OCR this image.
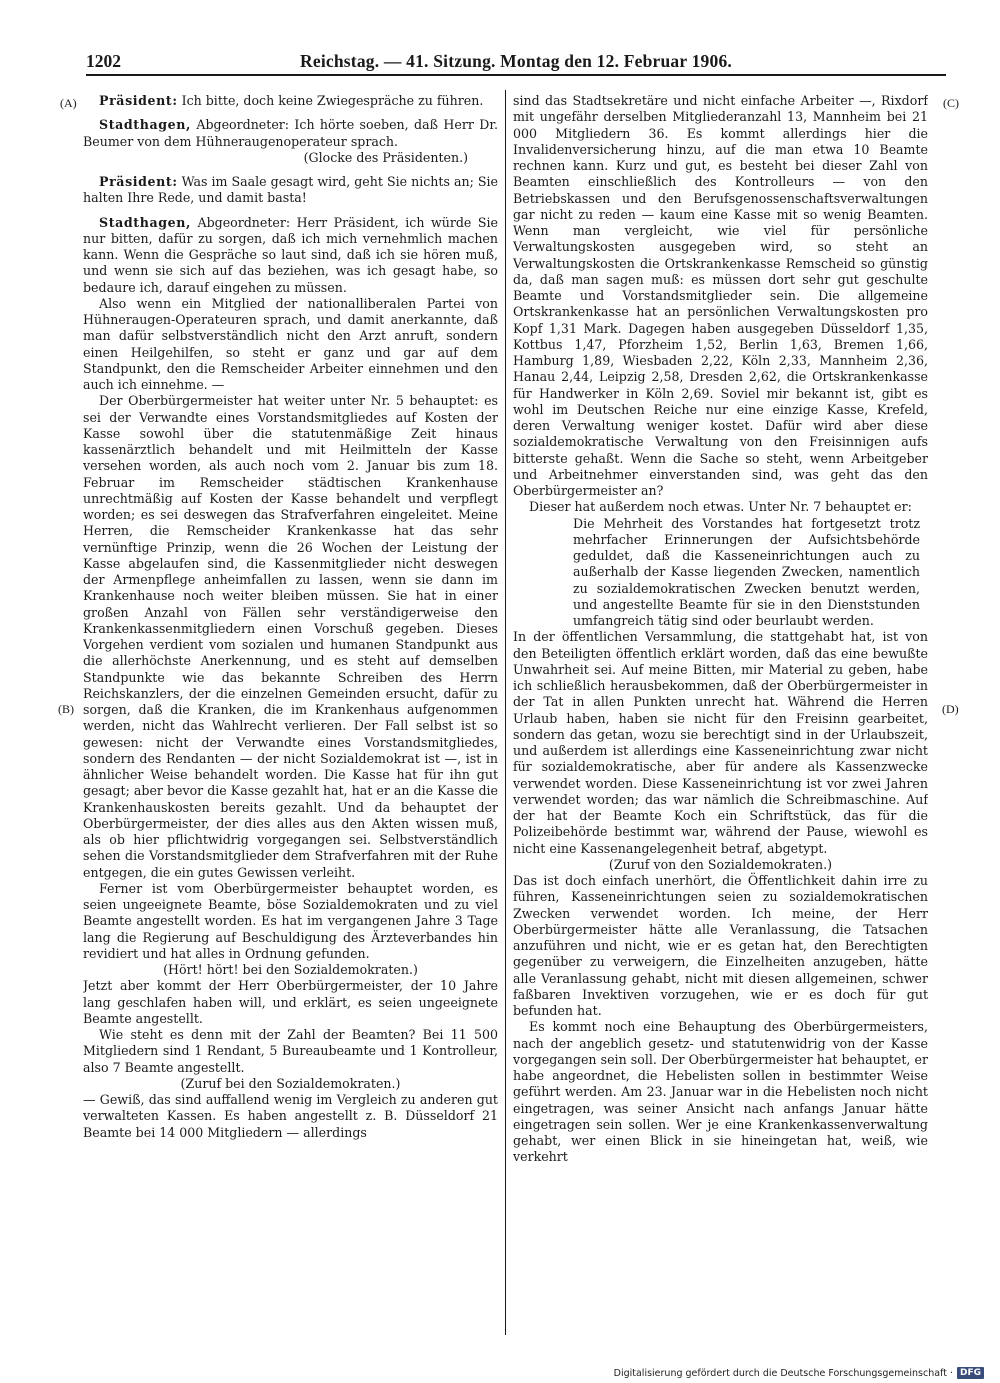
1202	Reichstag. — 41. Sitzung. Montag den 12. Februar 1906.
(A)
(B)
(C)
(D)

Präsident: Ich bitte, doch keine Zwiegespräche zu führen.

Stadthagen, Abgeordneter: Ich hörte soeben, daß Herr Dr. Beumer von dem Hühneraugenoperateur sprach.

(Glocke des Präsidenten.)

Präsident: Was im Saale gesagt wird, geht Sie nichts an; Sie halten Ihre Rede, und damit basta!

Stadthagen, Abgeordneter: Herr Präsident, ich würde Sie nur bitten, dafür zu sorgen, daß ich mich vernehmlich machen kann. Wenn die Gespräche so laut sind, daß ich sie hören muß, und wenn sie sich auf das beziehen, was ich gesagt habe, so bedaure ich, darauf eingehen zu müssen.

Also wenn ein Mitglied der nationalliberalen Partei von Hühneraugen-Operateuren sprach, und damit anerkannte, daß man dafür selbstverständlich nicht den Arzt anruft, sondern einen Heilgehilfen, so steht er ganz und gar auf dem Standpunkt, den die Remscheider Arbeiter einnehmen und den auch ich einnehme. —

Der Oberbürgermeister hat weiter unter Nr. 5 behauptet: es sei der Verwandte eines Vorstandsmitgliedes auf Kosten der Kasse sowohl über die statutenmäßige Zeit hinaus kassenärztlich behandelt und mit Heilmitteln der Kasse versehen worden, als auch noch vom 2. Januar bis zum 18. Februar im Remscheider städtischen Krankenhause unrechtmäßig auf Kosten der Kasse behandelt und verpflegt worden; es sei deswegen das Strafverfahren eingeleitet. Meine Herren, die Remscheider Krankenkasse hat das sehr vernünftige Prinzip, wenn die 26 Wochen der Leistung der Kasse abgelaufen sind, die Kassenmitglieder nicht deswegen der Armenpflege anheimfallen zu lassen, wenn sie dann im Krankenhause noch weiter bleiben müssen. Sie hat in einer großen Anzahl von Fällen sehr verständigerweise den Krankenkassenmitgliedern einen Vorschuß gegeben. Dieses Vorgehen verdient vom sozialen und humanen Standpunkt aus die allerhöchste Anerkennung, und es steht auf demselben Standpunkte wie das bekannte Schreiben des Herrn Reichskanzlers, der die einzelnen Gemeinden ersucht, dafür zu sorgen, daß die Kranken, die im Krankenhaus aufgenommen werden, nicht das Wahlrecht verlieren. Der Fall selbst ist so gewesen: nicht der Verwandte eines Vorstandsmitgliedes, sondern des Rendanten — der nicht Sozialdemokrat ist —, ist in ähnlicher Weise behandelt worden. Die Kasse hat für ihn gut gesagt; aber bevor die Kasse gezahlt hat, hat er an die Kasse die Krankenhauskosten bereits gezahlt. Und da behauptet der Oberbürgermeister, der dies alles aus den Akten wissen muß, als ob hier pflichtwidrig vorgegangen sei. Selbstverständlich sehen die Vorstandsmitglieder dem Strafverfahren mit der Ruhe entgegen, die ein gutes Gewissen verleiht.

Ferner ist vom Oberbürgermeister behauptet worden, es seien ungeeignete Beamte, böse Sozialdemokraten und zu viel Beamte angestellt worden. Es hat im vergangenen Jahre 3 Tage lang die Regierung auf Beschuldigung des Ärzteverbandes hin revidiert und hat alles in Ordnung gefunden.

(Hört! hört! bei den Sozialdemokraten.)

Jetzt aber kommt der Herr Oberbürgermeister, der 10 Jahre lang geschlafen haben will, und erklärt, es seien ungeeignete Beamte angestellt.

Wie steht es denn mit der Zahl der Beamten? Bei 11 500 Mitgliedern sind 1 Rendant, 5 Bureaubeamte und 1 Kontrolleur, also 7 Beamte angestellt.

(Zuruf bei den Sozialdemokraten.)

— Gewiß, das sind auffallend wenig im Vergleich zu anderen gut verwalteten Kassen. Es haben angestellt z. B. Düsseldorf 21 Beamte bei 14 000 Mitgliedern — allerdings

sind das Stadtsekretäre und nicht einfache Arbeiter —, Rixdorf mit ungefähr derselben Mitgliederanzahl 13, Mannheim bei 21 000 Mitgliedern 36. Es kommt allerdings hier die Invalidenversicherung hinzu, auf die man etwa 10 Beamte rechnen kann. Kurz und gut, es besteht bei dieser Zahl von Beamten einschließlich des Kontrolleurs — von den Betriebskassen und den Berufsgenossenschaftsverwaltungen gar nicht zu reden — kaum eine Kasse mit so wenig Beamten. Wenn man vergleicht, wie viel für persönliche Verwaltungskosten ausgegeben wird, so steht an Verwaltungskosten die Ortskrankenkasse Remscheid so günstig da, daß man sagen muß: es müssen dort sehr gut geschulte Beamte und Vorstandsmitglieder sein. Die allgemeine Ortskrankenkasse hat an persönlichen Verwaltungskosten pro Kopf 1,31 Mark. Dagegen haben ausgegeben Düsseldorf 1,35, Kottbus 1,47, Pforzheim 1,52, Berlin 1,63, Bremen 1,66, Hamburg 1,89, Wiesbaden 2,22, Köln 2,33, Mannheim 2,36, Hanau 2,44, Leipzig 2,58, Dresden 2,62, die Ortskrankenkasse für Handwerker in Köln 2,69. Soviel mir bekannt ist, gibt es wohl im Deutschen Reiche nur eine einzige Kasse, Krefeld, deren Verwaltung weniger kostet. Dafür wird aber diese sozialdemokratische Verwaltung von den Freisinnigen aufs bitterste gehaßt. Wenn die Sache so steht, wenn Arbeitgeber und Arbeitnehmer einverstanden sind, was geht das den Oberbürgermeister an?

Dieser hat außerdem noch etwas. Unter Nr. 7 behauptet er:

Die Mehrheit des Vorstandes hat fortgesetzt trotz mehrfacher Erinnerungen der Aufsichtsbehörde geduldet, daß die Kasseneinrichtungen auch zu außerhalb der Kasse liegenden Zwecken, namentlich zu sozialdemokratischen Zwecken benutzt werden, und angestellte Beamte für sie in den Dienststunden umfangreich tätig sind oder beurlaubt werden.

In der öffentlichen Versammlung, die stattgehabt hat, ist von den Beteiligten öffentlich erklärt worden, daß das eine bewußte Unwahrheit sei. Auf meine Bitten, mir Material zu geben, habe ich schließlich herausbekommen, daß der Oberbürgermeister in der Tat in allen Punkten unrecht hat. Während die Herren Urlaub haben, haben sie nicht für den Freisinn gearbeitet, sondern das getan, wozu sie berechtigt sind in der Urlaubszeit, und außerdem ist allerdings eine Kasseneinrichtung zwar nicht für sozialdemokratische, aber für andere als Kassenzwecke verwendet worden. Diese Kasseneinrichtung ist vor zwei Jahren verwendet worden; das war nämlich die Schreibmaschine. Auf der hat der Beamte Koch ein Schriftstück, das für die Polizeibehörde bestimmt war, während der Pause, wiewohl es nicht eine Kassenangelegenheit betraf, abgetypt.

(Zuruf von den Sozialdemokraten.)

Das ist doch einfach unerhört, die Öffentlichkeit dahin irre zu führen, Kasseneinrichtungen seien zu sozialdemokratischen Zwecken verwendet worden. Ich meine, der Herr Oberbürgermeister hätte alle Veranlassung, die Tatsachen anzuführen und nicht, wie er es getan hat, den Berechtigten gegenüber zu verweigern, die Einzelheiten anzugeben, hätte alle Veranlassung gehabt, nicht mit diesen allgemeinen, schwer faßbaren Invektiven vorzugehen, wie er es doch für gut befunden hat.

Es kommt noch eine Behauptung des Oberbürgermeisters, nach der angeblich gesetz- und statutenwidrig von der Kasse vorgegangen sein soll. Der Oberbürgermeister hat behauptet, er habe angeordnet, die Hebelisten sollen in bestimmter Weise geführt werden. Am 23. Januar war in die Hebelisten noch nicht eingetragen, was seiner Ansicht nach anfangs Januar hätte eingetragen sein sollen. Wer je eine Krankenkassenverwaltung gehabt, wer einen Blick in sie hineingetan hat, weiß, wie verkehrt

Digitalisierung gefördert durch die Deutsche Forschungsgemeinschaft · DFG
